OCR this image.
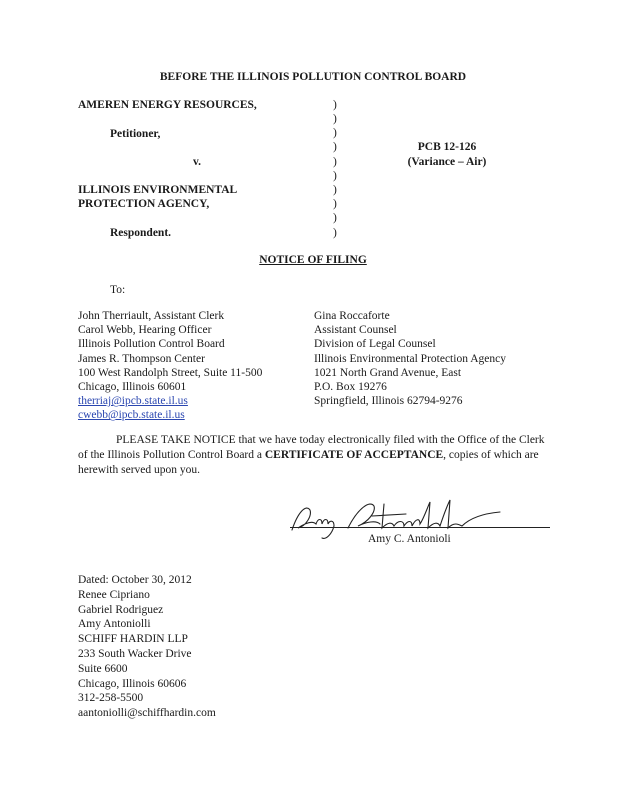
BEFORE THE ILLINOIS POLLUTION CONTROL BOARD
AMEREN ENERGY RESOURCES,
Petitioner,
v.
ILLINOIS ENVIRONMENTAL
PROTECTION AGENCY,
Respondent.
)
)
)
)
)
)
)
)
)
)
PCB 12-126
(Variance – Air)
NOTICE OF FILING
To:
John Therriault, Assistant Clerk
Carol Webb, Hearing Officer
Illinois Pollution Control Board
James R. Thompson Center
100 West Randolph Street, Suite 11-500
Chicago, Illinois 60601
therriaj@ipcb.state.il.us
cwebb@ipcb.state.il.us
Gina Roccaforte
Assistant Counsel
Division of Legal Counsel
Illinois Environmental Protection Agency
1021 North Grand Avenue, East
P.O. Box 19276
Springfield, Illinois 62794-9276
PLEASE TAKE NOTICE that we have today electronically filed with the Office of the Clerk of the Illinois Pollution Control Board a CERTIFICATE OF ACCEPTANCE, copies of which are herewith served upon you.
Amy C. Antonioli
Dated: October 30, 2012
Renee Cipriano
Gabriel Rodriguez
Amy Antoniolli
SCHIFF HARDIN LLP
233 South Wacker Drive
Suite 6600
Chicago, Illinois 60606
312-258-5500
aantoniolli@schiffhardin.com
